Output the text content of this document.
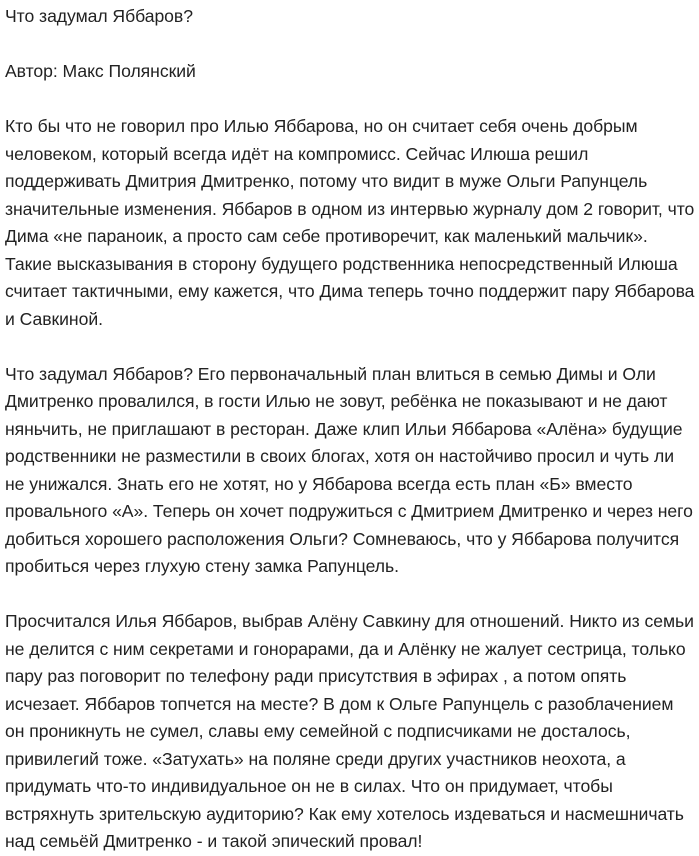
Что задумал Яббаров?

Автор: Макс Полянский

Кто бы что не говорил про Илью Яббарова, но он считает себя очень добрым человеком, который всегда идёт на компромисс. Сейчас Илюша решил поддерживать Дмитрия Дмитренко, потому что видит в муже Ольги Рапунцель значительные изменения. Яббаров в одном из интервью журналу дом 2 говорит, что Дима «не параноик, а просто сам себе противоречит, как маленький мальчик». Такие высказывания в сторону будущего родственника непосредственный Илюша считает тактичными, ему кажется, что Дима теперь точно поддержит пару Яббарова и Савкиной.

Что задумал Яббаров? Его первоначальный план влиться в семью Димы и Оли Дмитренко провалился, в гости Илью не зовут, ребёнка не показывают и не дают няньчить, не приглашают в ресторан. Даже клип Ильи Яббарова «Алёна» будущие родственники не разместили в своих блогах, хотя он настойчиво просил и чуть ли не унижался. Знать его не хотят, но у Яббарова всегда есть план «Б» вместо провального «А». Теперь он хочет подружиться с Дмитрием Дмитренко и через него добиться хорошего расположения Ольги? Сомневаюсь, что у Яббарова получится пробиться через глухую стену замка Рапунцель.

Просчитался Илья Яббаров, выбрав Алёну Савкину для отношений. Никто из семьи не делится с ним секретами и гонорарами, да и Алёнку не жалует сестрица, только пару раз поговорит по телефону ради присутствия в эфирах , а потом опять исчезает. Яббаров топчется на месте? В дом к Ольге Рапунцель с разоблачением он проникнуть не сумел, славы ему семейной с подписчиками не досталось, привилегий тоже. «Затухать» на поляне среди других участников неохота, а придумать что-то индивидуальное он не в силах. Что он придумает, чтобы встряхнуть зрительскую аудиторию? Как ему хотелось издеваться и насмешничать над семьёй Дмитренко - и такой эпический провал!
